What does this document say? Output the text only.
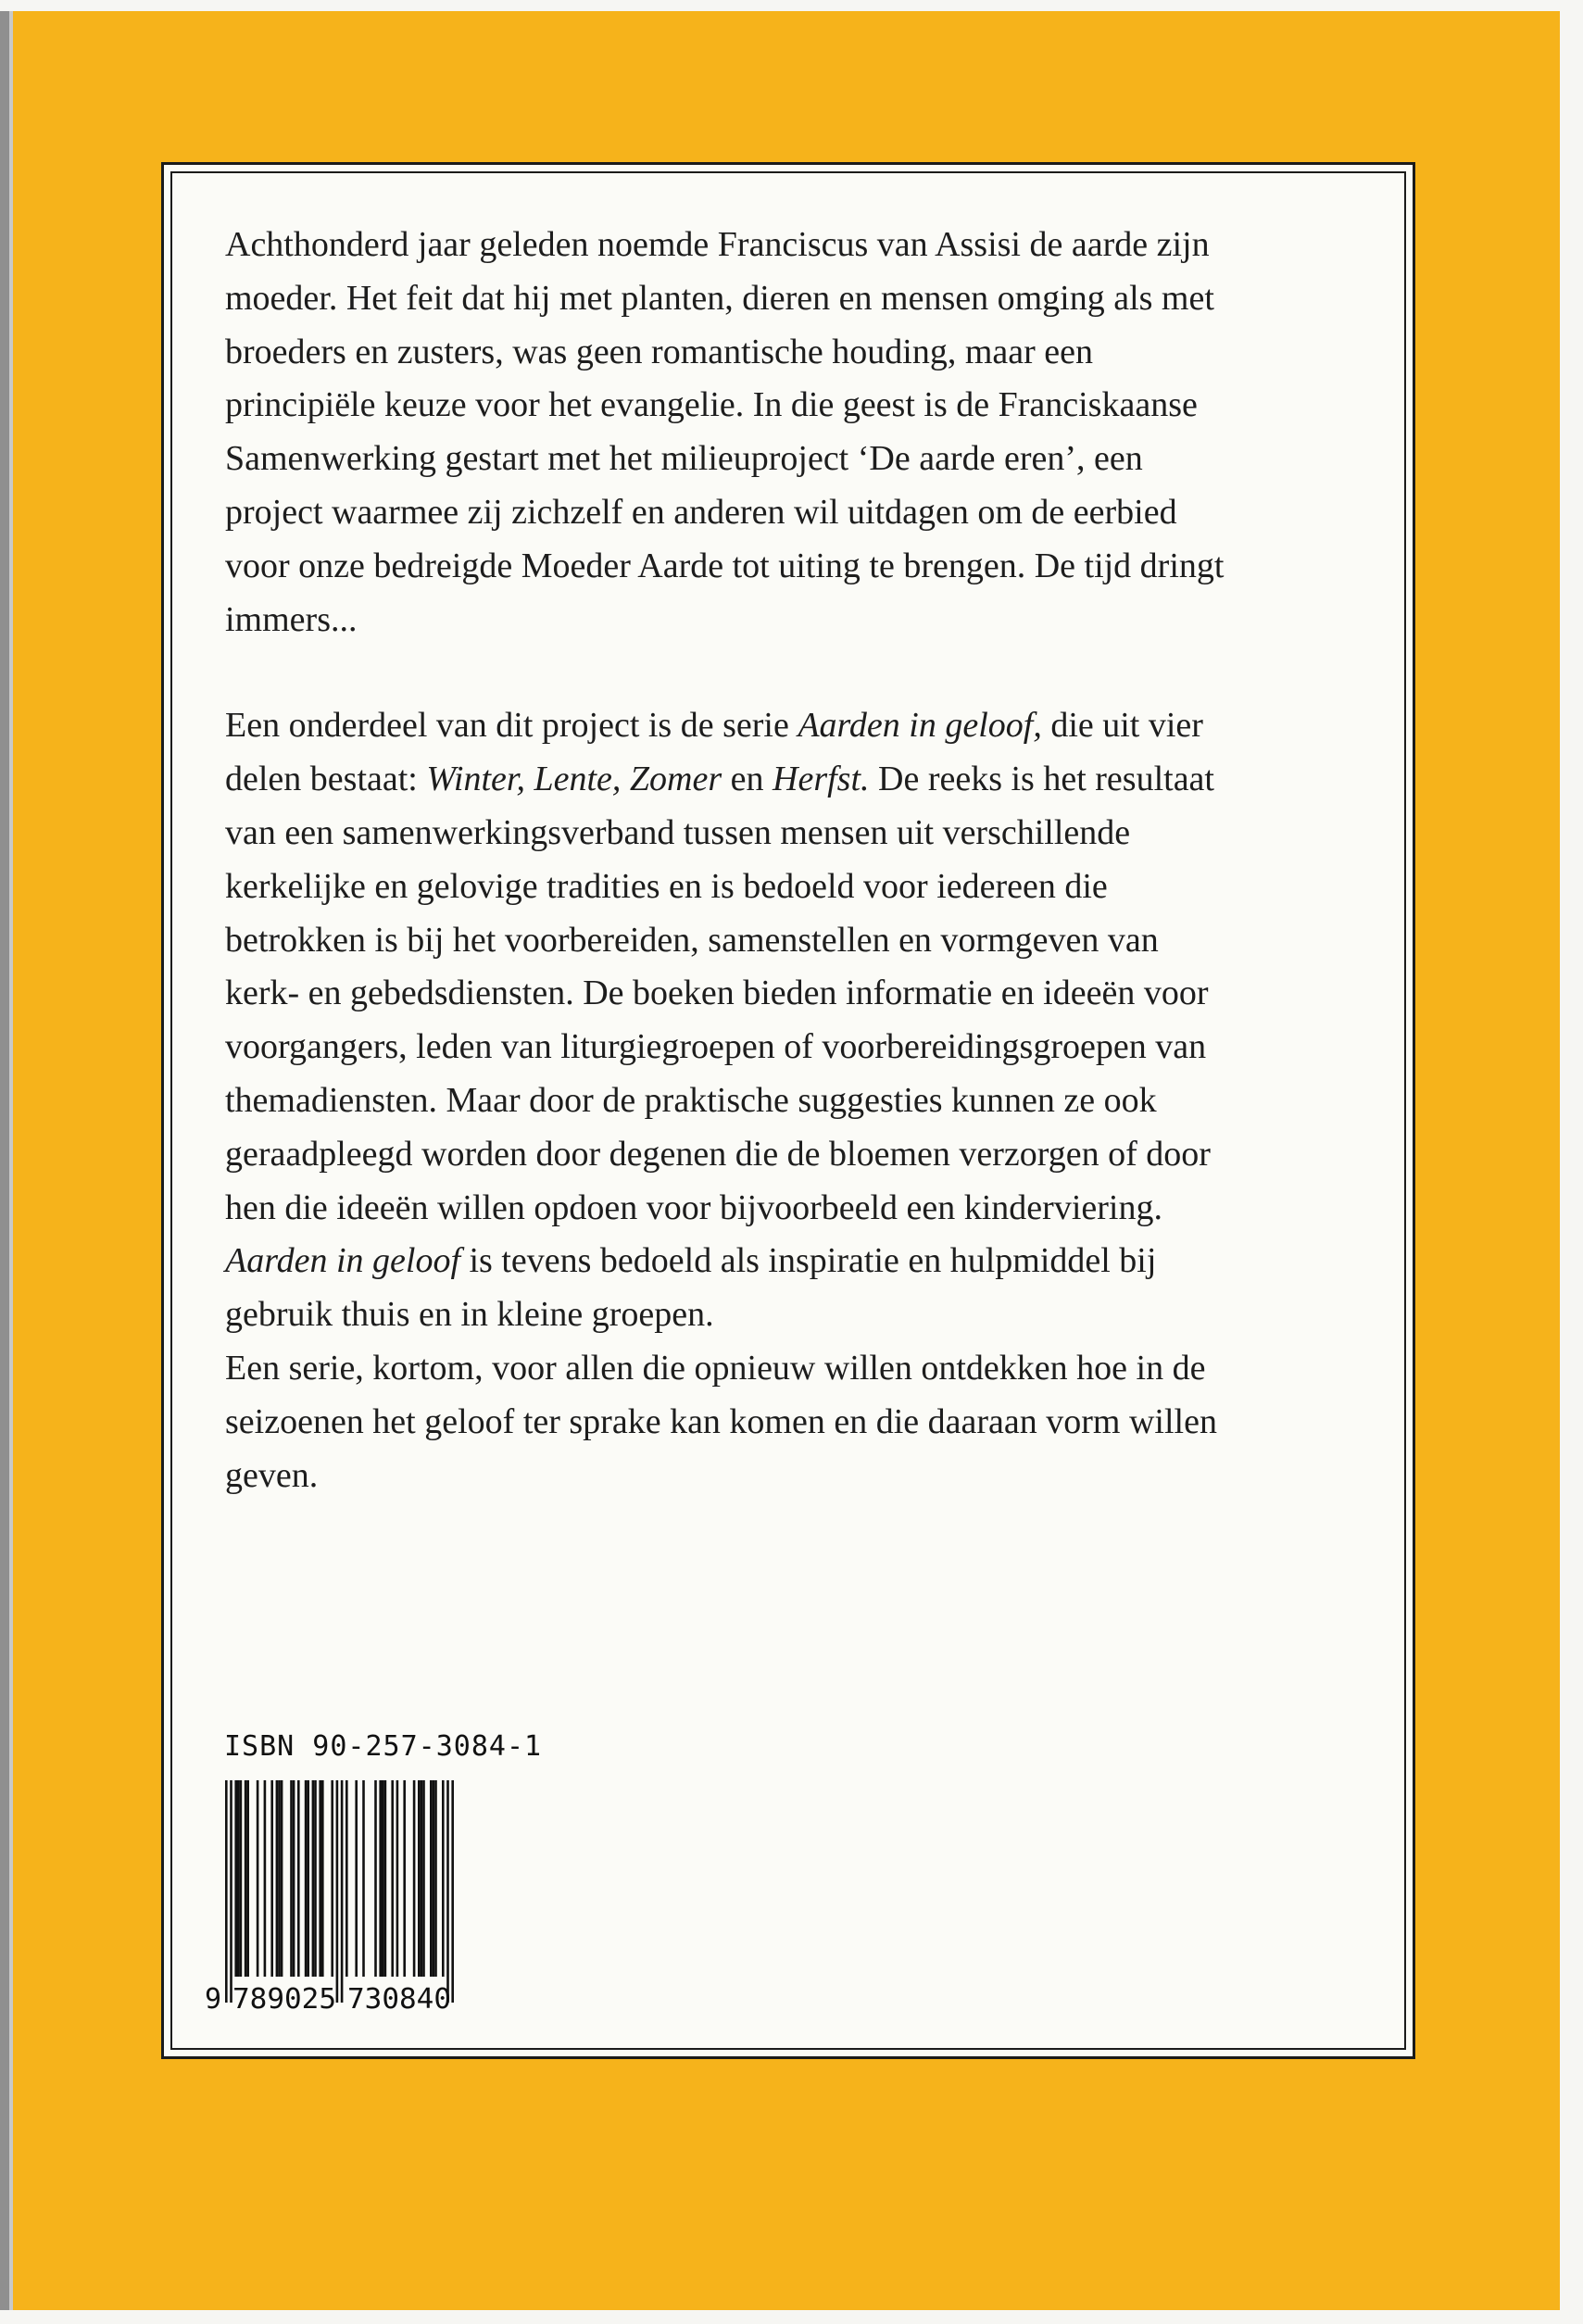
Achthonderd jaar geleden noemde Franciscus van Assisi de aarde zijn
moeder. Het feit dat hij met planten, dieren en mensen omging als met
broeders en zusters, was geen romantische houding, maar een
principiële keuze voor het evangelie. In die geest is de Franciskaanse
Samenwerking gestart met het milieuproject ‘De aarde eren’, een
project waarmee zij zichzelf en anderen wil uitdagen om de eerbied
voor onze bedreigde Moeder Aarde tot uiting te brengen. De tijd dringt
immers...

Een onderdeel van dit project is de serie Aarden in geloof, die uit vier
delen bestaat: Winter, Lente, Zomer en Herfst. De reeks is het resultaat
van een samenwerkingsverband tussen mensen uit verschillende
kerkelijke en gelovige tradities en is bedoeld voor iedereen die
betrokken is bij het voorbereiden, samenstellen en vormgeven van
kerk- en gebedsdiensten. De boeken bieden informatie en ideeën voor
voorgangers, leden van liturgiegroepen of voorbereidingsgroepen van
themadiensten. Maar door de praktische suggesties kunnen ze ook
geraadpleegd worden door degenen die de bloemen verzorgen of door
hen die ideeën willen opdoen voor bijvoorbeeld een kinderviering.
Aarden in geloof is tevens bedoeld als inspiratie en hulpmiddel bij
gebruik thuis en in kleine groepen.
Een serie, kortom, voor allen die opnieuw willen ontdekken hoe in de
seizoenen het geloof ter sprake kan komen en die daaraan vorm willen
geven.

ISBN 90-257-3084-1
9 789025 730840
